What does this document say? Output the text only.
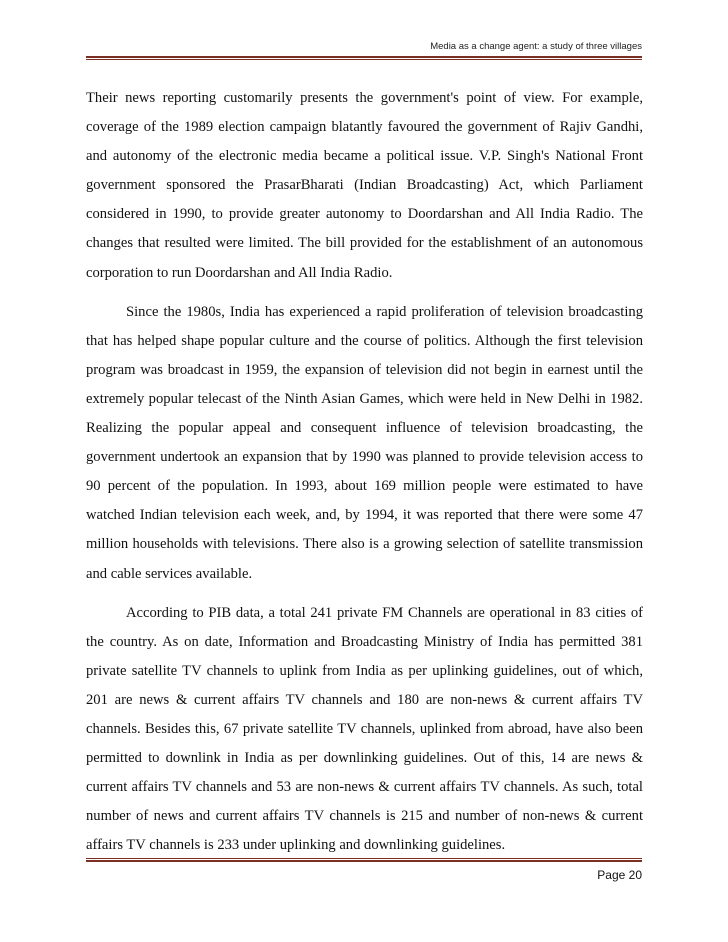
Media as a change agent: a study of three villages

Their news reporting customarily presents the government's point of view. For example, coverage of the 1989 election campaign blatantly favoured the government of Rajiv Gandhi, and autonomy of the electronic media became a political issue. V.P. Singh's National Front government sponsored the PrasarBharati (Indian Broadcasting) Act, which Parliament considered in 1990, to provide greater autonomy to Doordarshan and All India Radio. The changes that resulted were limited. The bill provided for the establishment of an autonomous corporation to run Doordarshan and All India Radio.

Since the 1980s, India has experienced a rapid proliferation of television broadcasting that has helped shape popular culture and the course of politics. Although the first television program was broadcast in 1959, the expansion of television did not begin in earnest until the extremely popular telecast of the Ninth Asian Games, which were held in New Delhi in 1982. Realizing the popular appeal and consequent influence of television broadcasting, the government undertook an expansion that by 1990 was planned to provide television access to 90 percent of the population. In 1993, about 169 million people were estimated to have watched Indian television each week, and, by 1994, it was reported that there were some 47 million households with televisions. There also is a growing selection of satellite transmission and cable services available.

According to PIB data, a total 241 private FM Channels are operational in 83 cities of the country. As on date, Information and Broadcasting Ministry of India has permitted 381 private satellite TV channels to uplink from India as per uplinking guidelines, out of which, 201 are news & current affairs TV channels and 180 are non-news & current affairs TV channels. Besides this, 67 private satellite TV channels, uplinked from abroad, have also been permitted to downlink in India as per downlinking guidelines. Out of this, 14 are news & current affairs TV channels and 53 are non-news & current affairs TV channels. As such, total number of news and current affairs TV channels is 215 and number of non-news & current affairs TV channels is 233 under uplinking and downlinking guidelines.

Page 20
